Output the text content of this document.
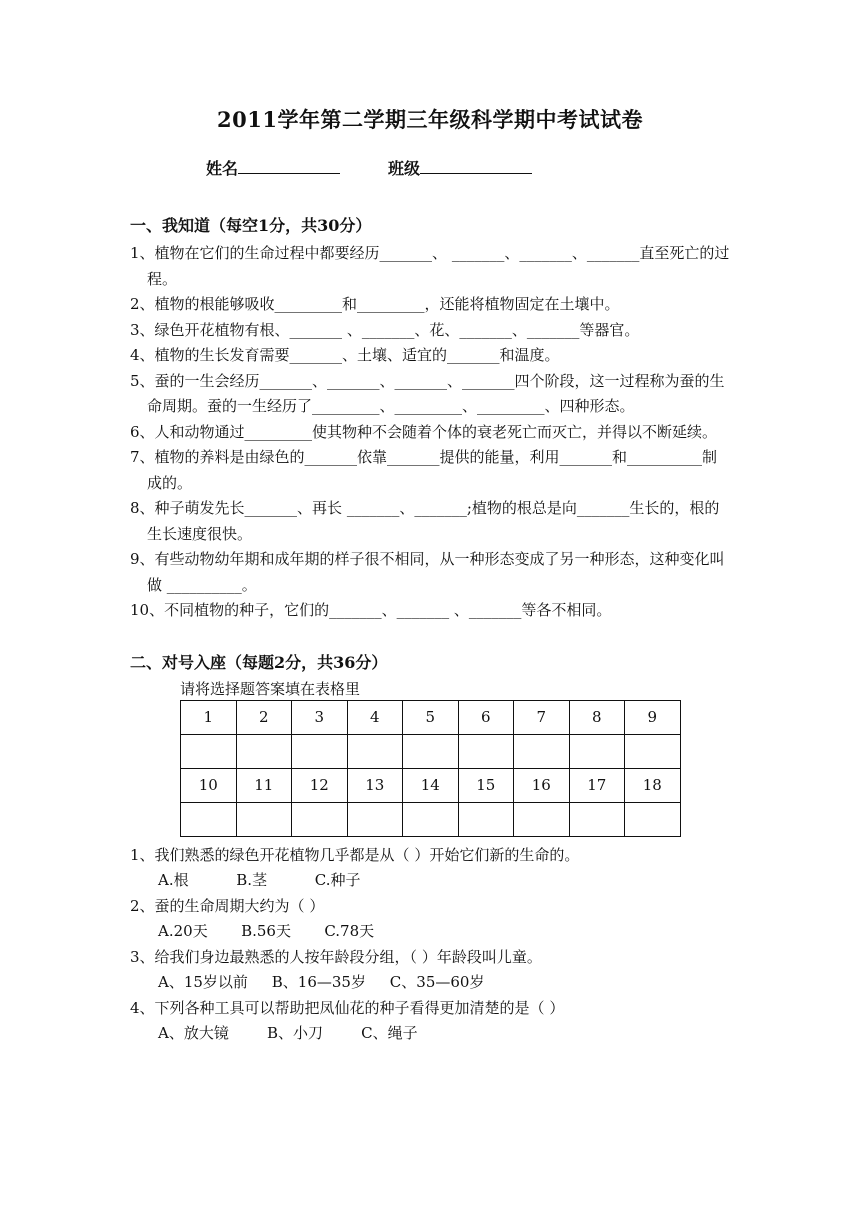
2011学年第二学期三年级科学期中考试试卷
姓名	班级
一、我知道（每空1分，共30分）

1、植物在它们的生命过程中都要经历_______、 _______、_______、_______直至死亡的过程。

2、植物的根能够吸收_________和_________，还能将植物固定在土壤中。

3、绿色开花植物有根、_______ 、_______、花、_______、_______等器官。

4、植物的生长发育需要_______、土壤、适宜的_______和温度。

5、蚕的一生会经历_______、_______、_______、_______四个阶段，这一过程称为蚕的生命周期。蚕的一生经历了_________、_________、_________、四种形态。

6、人和动物通过_________使其物种不会随着个体的衰老死亡而灭亡，并得以不断延续。

7、植物的养料是由绿色的_______依靠_______提供的能量，利用_______和__________制成的。

8、种子萌发先长_______、再长 _______、_______;植物的根总是向_______生长的，根的生长速度很快。

9、有些动物幼年期和成年期的样子很不相同，从一种形态变成了另一种形态，这种变化叫做 __________。

10、不同植物的种子，它们的_______、_______ 、_______等各不相同。

二、对号入座（每题2分，共36分）
请将选择题答案填在表格里
1	2	3	4	5	6	7	8	9

10	11	12	13	14	15	16	17	18

1、我们熟悉的绿色开花植物几乎都是从（ ）开始它们新的生命的。
A.根          B.茎          C.种子
2、蚕的生命周期大约为（ ）
A.20天       B.56天       C.78天
3、给我们身边最熟悉的人按年龄段分组，（ ）年龄段叫儿童。
A、15岁以前     B、16—35岁     C、35—60岁
4、下列各种工具可以帮助把凤仙花的种子看得更加清楚的是（ ）
A、放大镜        B、小刀        C、绳子
